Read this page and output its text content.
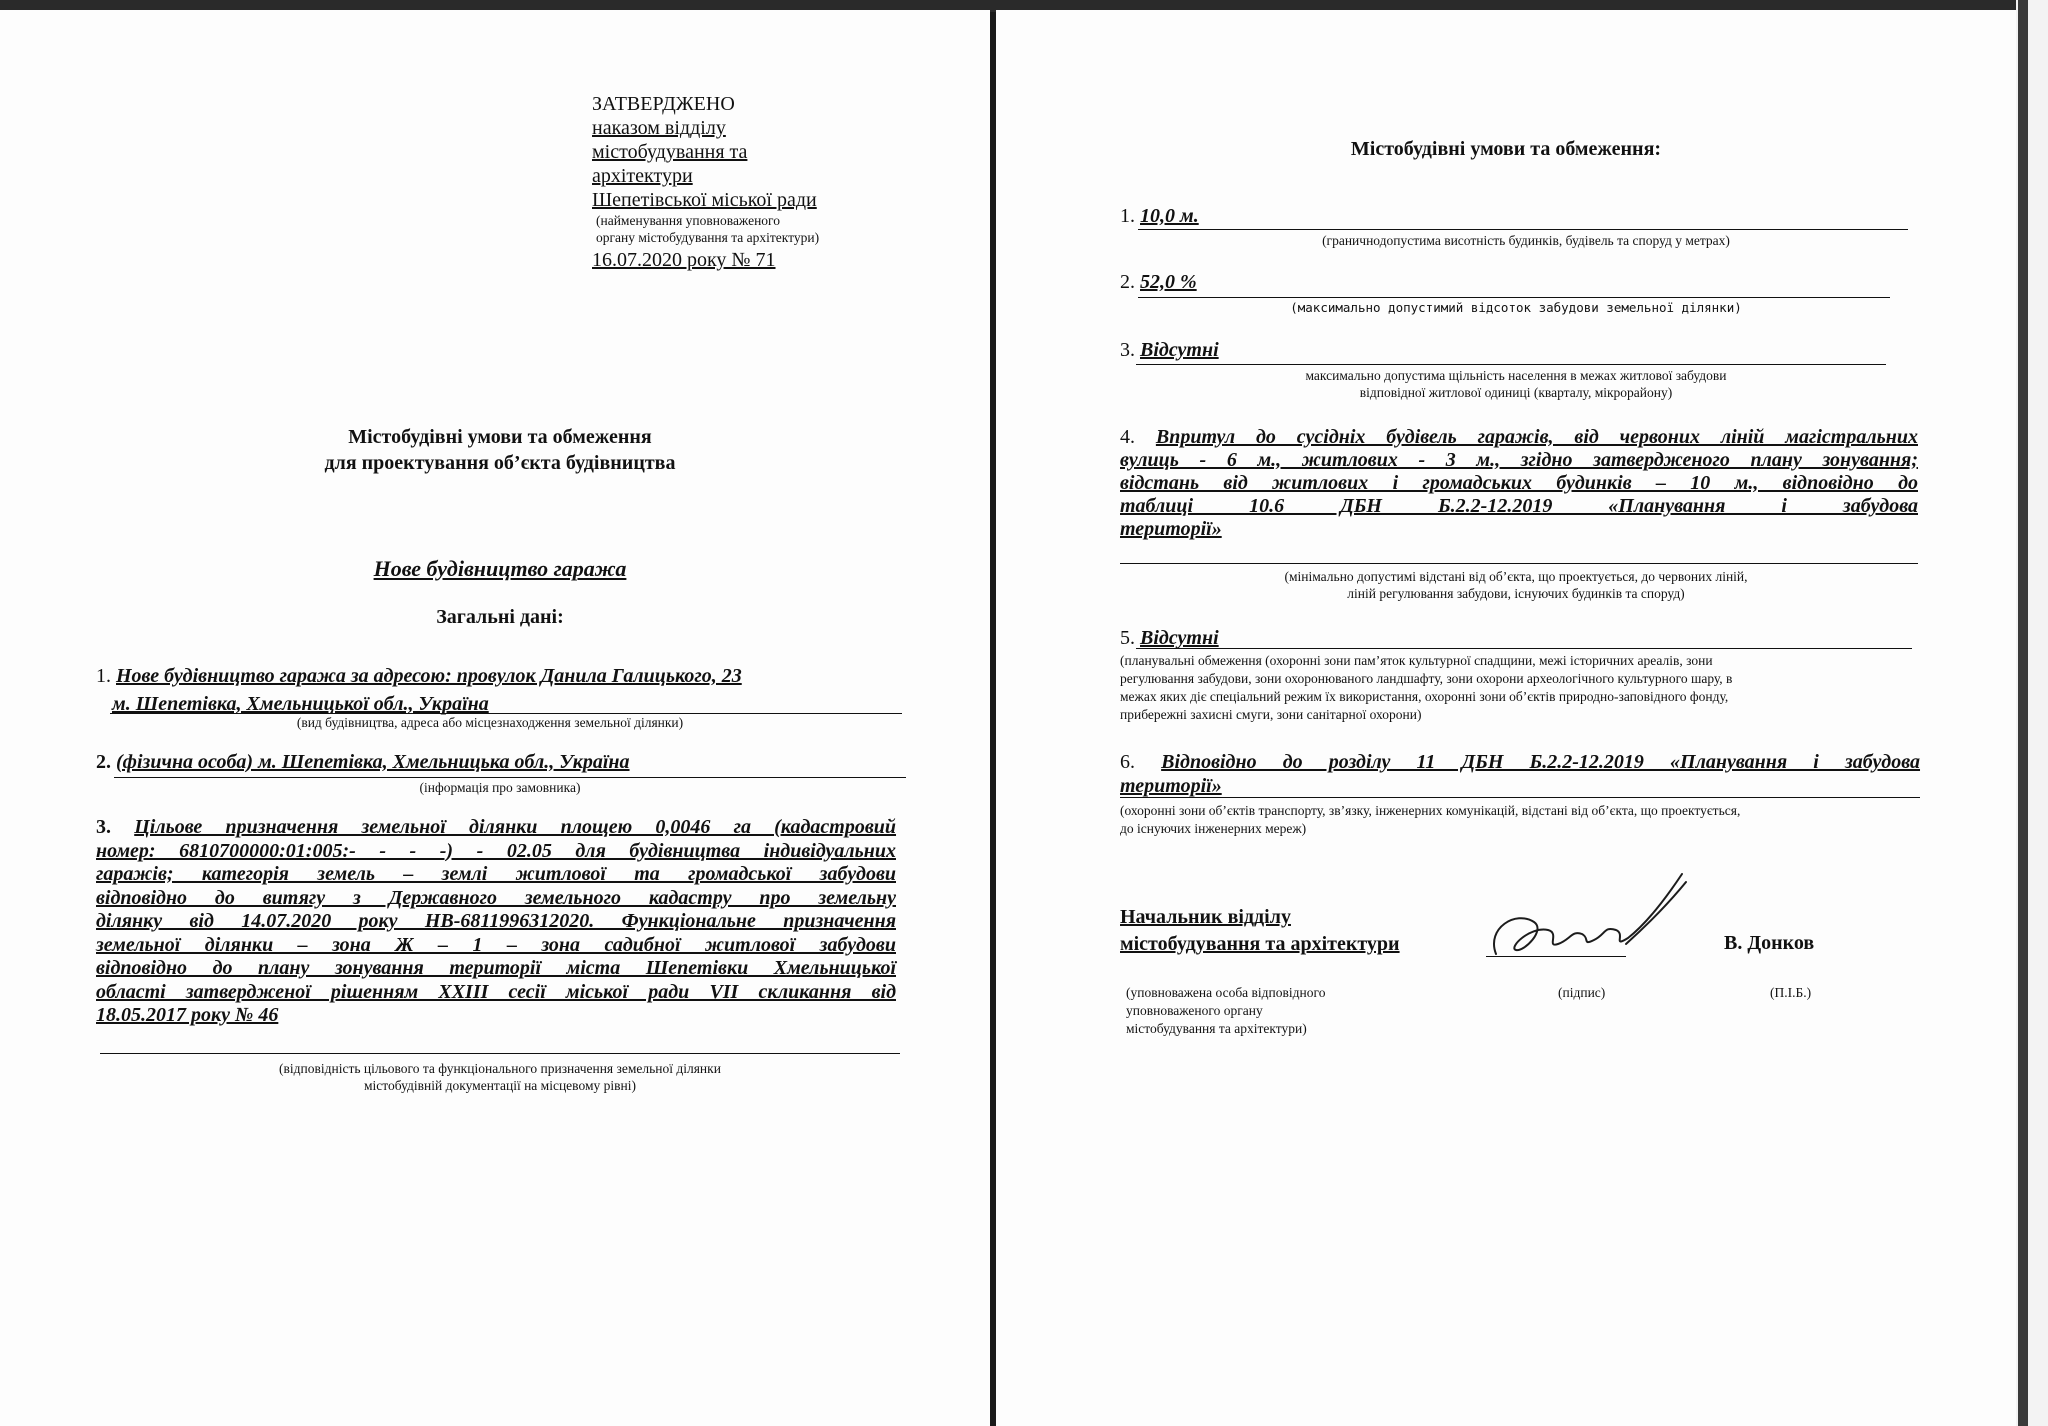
ЗАТВЕРДЖЕНО
наказом відділу
містобудування та
архітектури
Шепетівської міської ради
(найменування уповноваженого
органу містобудування та архітектури)
16.07.2020 року № 71
Містобудівні умови та обмеження
для проектування об’єкта будівництва
Нове будівництво гаража
Загальні дані:
1. Нове будівництво гаража за адресою: провулок Данила Галицького, 23
м. Шепетівка, Хмельницької обл., Україна
(вид будівництва, адреса або місцезнаходження земельної ділянки)
2. (фізична особа) м. Шепетівка, Хмельницька обл., Україна
(інформація про замовника)
3. Цільове призначення земельної ділянки площею 0,0046 га (кадастровий
номер: 6810700000:01:005:- - - -) - 02.05 для будівництва індивідуальних
гаражів; категорія земель – землі житлової та громадської забудови
відповідно до витягу з Державного земельного кадастру про земельну
ділянку від 14.07.2020 року НВ-6811996312020. Функціональне призначення
земельної ділянки – зона Ж – 1 – зона садибної житлової забудови
відповідно до плану зонування території міста Шепетівки Хмельницької
області затвердженої рішенням XXIII сесії міської ради VII скликання від
18.05.2017 року № 46
(відповідність цільового та функціонального призначення земельної ділянки
містобудівній документації на місцевому рівні)
Містобудівні умови та обмеження:
1. 10,0 м.
(граничнодопустима висотність будинків, будівель та споруд у метрах)
2. 52,0 %
(максимально допустимий відсоток забудови земельної ділянки)
3. Відсутні
максимально допустима щільність населення в межах житлової забудови
відповідної житлової одиниці (кварталу, мікрорайону)
4. Впритул до сусідніх будівель гаражів, від червоних ліній магістральних
вулиць - 6 м., житлових - 3 м., згідно затвердженого плану зонування;
відстань від житлових і громадських будинків – 10 м., відповідно до
таблиці 10.6 ДБН Б.2.2-12.2019 «Планування і забудова
території»
(мінімально допустимі відстані від об’єкта, що проектується, до червоних ліній,
ліній регулювання забудови, існуючих будинків та споруд)
5. Відсутні
(планувальні обмеження (охоронні зони пам’яток культурної спадщини, межі історичних ареалів, зони
регулювання забудови, зони охоронюваного ландшафту, зони охорони археологічного культурного шару, в
межах яких діє спеціальний режим їх використання, охоронні зони об’єктів природно-заповідного фонду,
прибережні захисні смуги, зони санітарної охорони)
6. Відповідно до розділу 11 ДБН Б.2.2-12.2019 «Планування і забудова
території»
(охоронні зони об’єктів транспорту, зв’язку, інженерних комунікацій, відстані від об’єкта, що проектується,
до існуючих інженерних мереж)
Начальник відділу
містобудування та архітектури	В. Донков
(уповноважена особа відповідного
уповноваженого органу
містобудування та архітектури)
(підпис)	(П.І.Б.)
